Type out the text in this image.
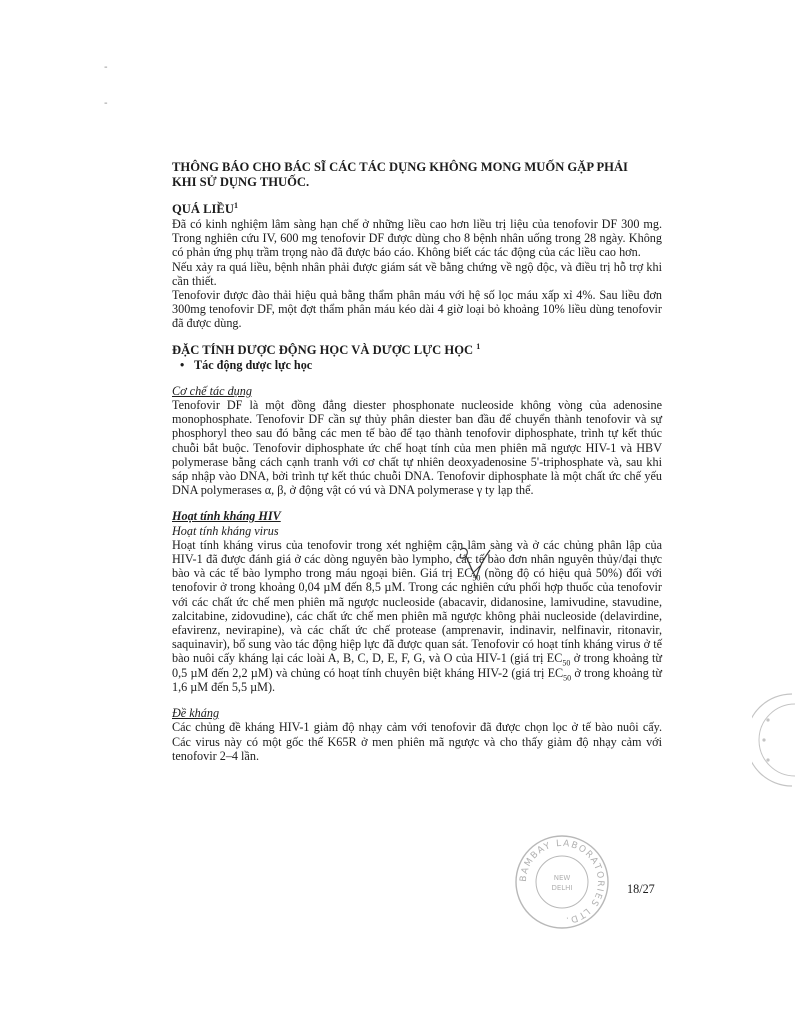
-
-

THÔNG BÁO CHO BÁC SĨ CÁC TÁC DỤNG KHÔNG MONG MUỐN GẶP PHẢI

KHI SỬ DỤNG THUỐC.

QUÁ LIỀU$^1$

Đã có kinh nghiệm lâm sàng hạn chế ở những liều cao hơn liều trị liệu của tenofovir DF 300 mg. Trong nghiên cứu IV, 600 mg tenofovir DF được dùng cho 8 bệnh nhân uống trong 28 ngày. Không có phản ứng phụ trầm trọng nào đã được báo cáo. Không biết các tác động của các liều cao hơn.

Nếu xảy ra quá liều, bệnh nhân phải được giám sát về bằng chứng về ngộ độc, và điều trị hỗ trợ khi cần thiết.

Tenofovir được đào thải hiệu quả bằng thẩm phân máu với hệ số lọc máu xấp xỉ 4%. Sau liều đơn 300mg tenofovir DF, một đợt thẩm phân máu kéo dài 4 giờ loại bỏ khoảng 10% liều dùng tenofovir đã được dùng.

ĐẶC TÍNH DƯỢC ĐỘNG HỌC VÀ DƯỢC LỰC HỌC $^1$

• Tác động dược lực học

Cơ chế tác dụng

Tenofovir DF là một đồng đẳng diester phosphonate nucleoside không vòng của adenosine monophosphate. Tenofovir DF cần sự thủy phân diester ban đầu để chuyển thành tenofovir và sự phosphoryl theo sau đó bằng các men tế bào để tạo thành tenofovir diphosphate, trình tự kết thúc chuỗi bắt buộc. Tenofovir diphosphate ức chế hoạt tính của men phiên mã ngược HIV-1 và HBV polymerase bằng cách cạnh tranh với cơ chất tự nhiên deoxyadenosine 5'-triphosphate và, sau khi sáp nhập vào DNA, bởi trình tự kết thúc chuỗi DNA. Tenofovir diphosphate là một chất ức chế yếu DNA polymerases α, β, ở động vật có vú và DNA polymerase γ ty lạp thể.

Hoạt tính kháng HIV

Hoạt tính kháng virus

Hoạt tính kháng virus của tenofovir trong xét nghiệm cận lâm sàng và ở các chủng phân lập của HIV-1 đã được đánh giá ở các dòng nguyên bào lympho, các tế bào đơn nhân nguyên thủy/đại thực bào và các tế bào lympho trong máu ngoại biên. Giá trị $EC_{50}$ (nồng độ có hiệu quả 50%) đối với tenofovir ở trong khoảng 0,04 µM đến 8,5 µM. Trong các nghiên cứu phối hợp thuốc của tenofovir với các chất ức chế men phiên mã ngược nucleoside (abacavir, didanosine, lamivudine, stavudine, zalcitabine, zidovudine), các chất ức chế men phiên mã ngược không phải nucleoside (delavirdine, efavirenz, nevirapine), và các chất ức chế protease (amprenavir, indinavir, nelfinavir, ritonavir, saquinavir), bổ sung vào tác động hiệp lực đã được quan sát. Tenofovir có hoạt tính kháng virus ở tế bào nuôi cấy kháng lại các loài A, B, C, D, E, F, G, và O của HIV-1 (giá trị $EC_{50}$ ở trong khoảng từ 0,5 µM đến 2,2 µM) và chủng có hoạt tính chuyên biệt kháng HIV-2 (giá trị $EC_{50}$ ở trong khoảng từ 1,6 µM đến 5,5 µM).

Đề kháng

Các chủng đề kháng HIV-1 giảm độ nhạy cảm với tenofovir đã được chọn lọc ở tế bào nuôi cấy. Các virus này có một gốc thế K65R ở men phiên mã ngược và cho thấy giảm độ nhạy cảm với tenofovir 2–4 lần.

BAMBAY LABORATORIES LTD.
NEW
DELHI	18/27
